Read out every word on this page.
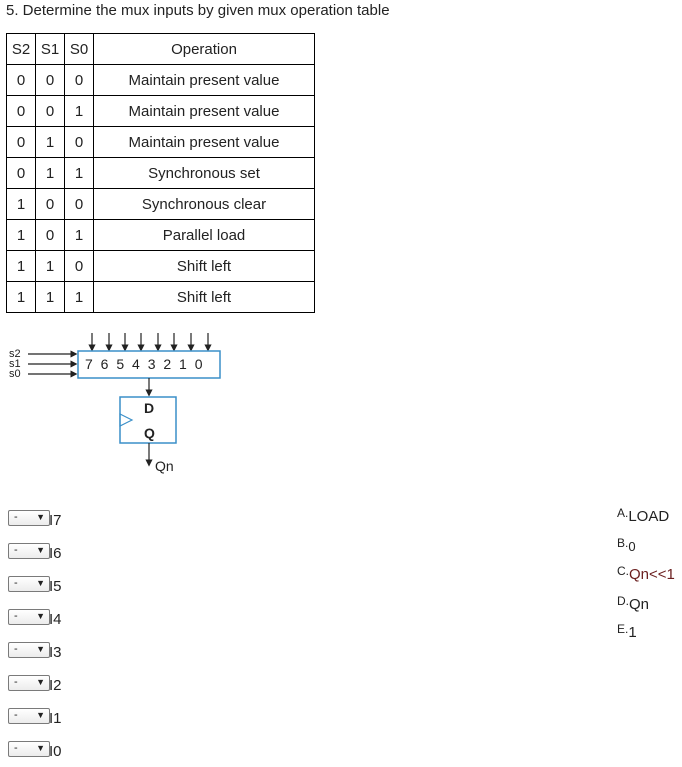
5. Determine the mux inputs by given mux operation table
S2	S1	S0	Operation
0	0	0	Maintain present value
0	0	1	Maintain present value
0	1	0	Maintain present value
0	1	1	Synchronous set
1	0	0	Synchronous clear
1	0	1	Parallel load
1	1	0	Shift left
1	1	1	Shift left
s2
s1
s0
7 6 5 4 3 2 1 0
D
Q
Qn
- ▼ I7
- ▼ I6
- ▼ I5
- ▼ I4
- ▼ I3
- ▼ I2
- ▼ I1
- ▼ I0
$^{A.}$LOAD
$^{B.}$0
$^{C.}$Qn<<1
$^{D.}$Qn
$^{E.}$1
